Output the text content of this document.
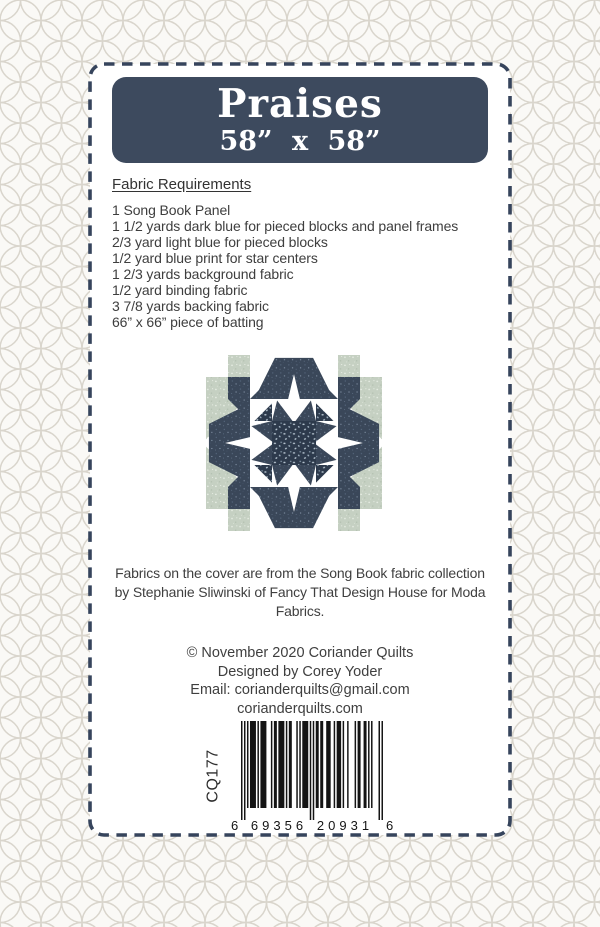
Praises
58” x 58”
Fabric Requirements
1 Song Book Panel
1 1/2 yards dark blue for pieced blocks and panel frames
2/3 yard light blue for pieced blocks
1/2 yard blue print for star centers
1 2/3 yards background fabric
1/2 yard binding fabric
3 7/8 yards backing fabric
66” x 66” piece of batting
Fabrics on the cover are from the Song Book fabric collection
by Stephanie Sliwinski of Fancy That Design House for Moda
Fabrics.
© November 2020 Coriander Quilts
Designed by Corey Yoder
Email: corianderquilts@gmail.com
corianderquilts.com
CQ177
6 69356 20931 6
